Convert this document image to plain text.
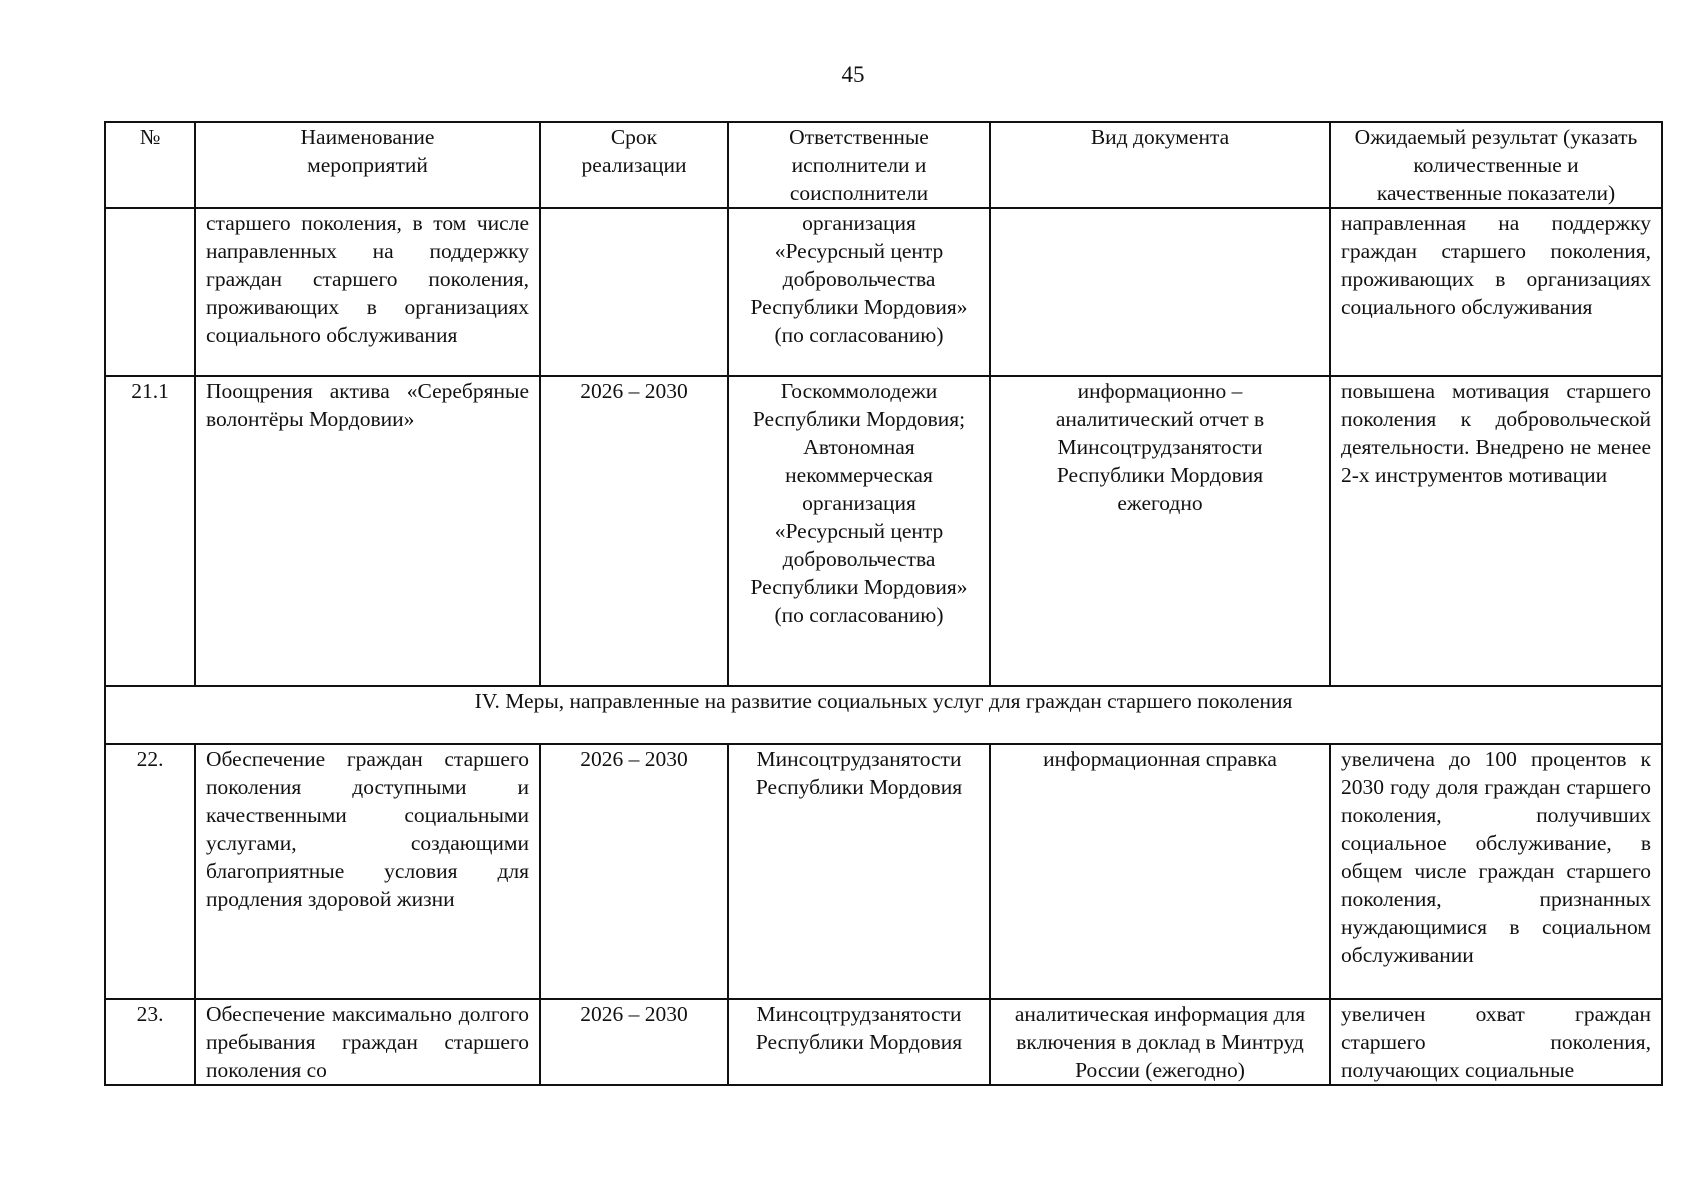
45
№	Наименование мероприятий	Срок реализации	Ответственные исполнители и соисполнители	Вид документа	Ожидаемый результат (указать количественные и качественные показатели)
	старшего поколения, в том числе направленных на поддержку граждан старшего поколения, проживающих в организациях социального обслуживания		организация «Ресурсный центр добровольчества Республики Мордовия» (по согласованию)		направленная на поддержку граждан старшего поколения, проживающих в организациях социального обслуживания
21.1	Поощрения актива «Серебряные волонтёры Мордовии»	2026 – 2030	Госкоммолодежи Республики Мордовия; Автономная некоммерческая организация «Ресурсный центр добровольчества Республики Мордовия» (по согласованию)	информационно – аналитический отчет в Минсоцтрудзанятости Республики Мордовия ежегодно	повышена мотивация старшего поколения к добровольческой деятельности. Внедрено не менее 2-х инструментов мотивации
IV. Меры, направленные на развитие социальных услуг для граждан старшего поколения					
22.	Обеспечение граждан старшего поколения доступными и качественными социальными услугами, создающими благоприятные условия для продления здоровой жизни	2026 – 2030	Минсоцтрудзанятости Республики Мордовия	информационная справка	увеличена до 100 процентов к 2030 году доля граждан старшего поколения, получивших социальное обслуживание, в общем числе граждан старшего поколения, признанных нуждающимися в социальном обслуживании
23.	Обеспечение максимально долгого пребывания граждан старшего поколения со	2026 – 2030	Минсоцтрудзанятости Республики Мордовия	аналитическая информация для включения в доклад в Минтруд России (ежегодно)	увеличен охват граждан старшего поколения, получающих социальные
